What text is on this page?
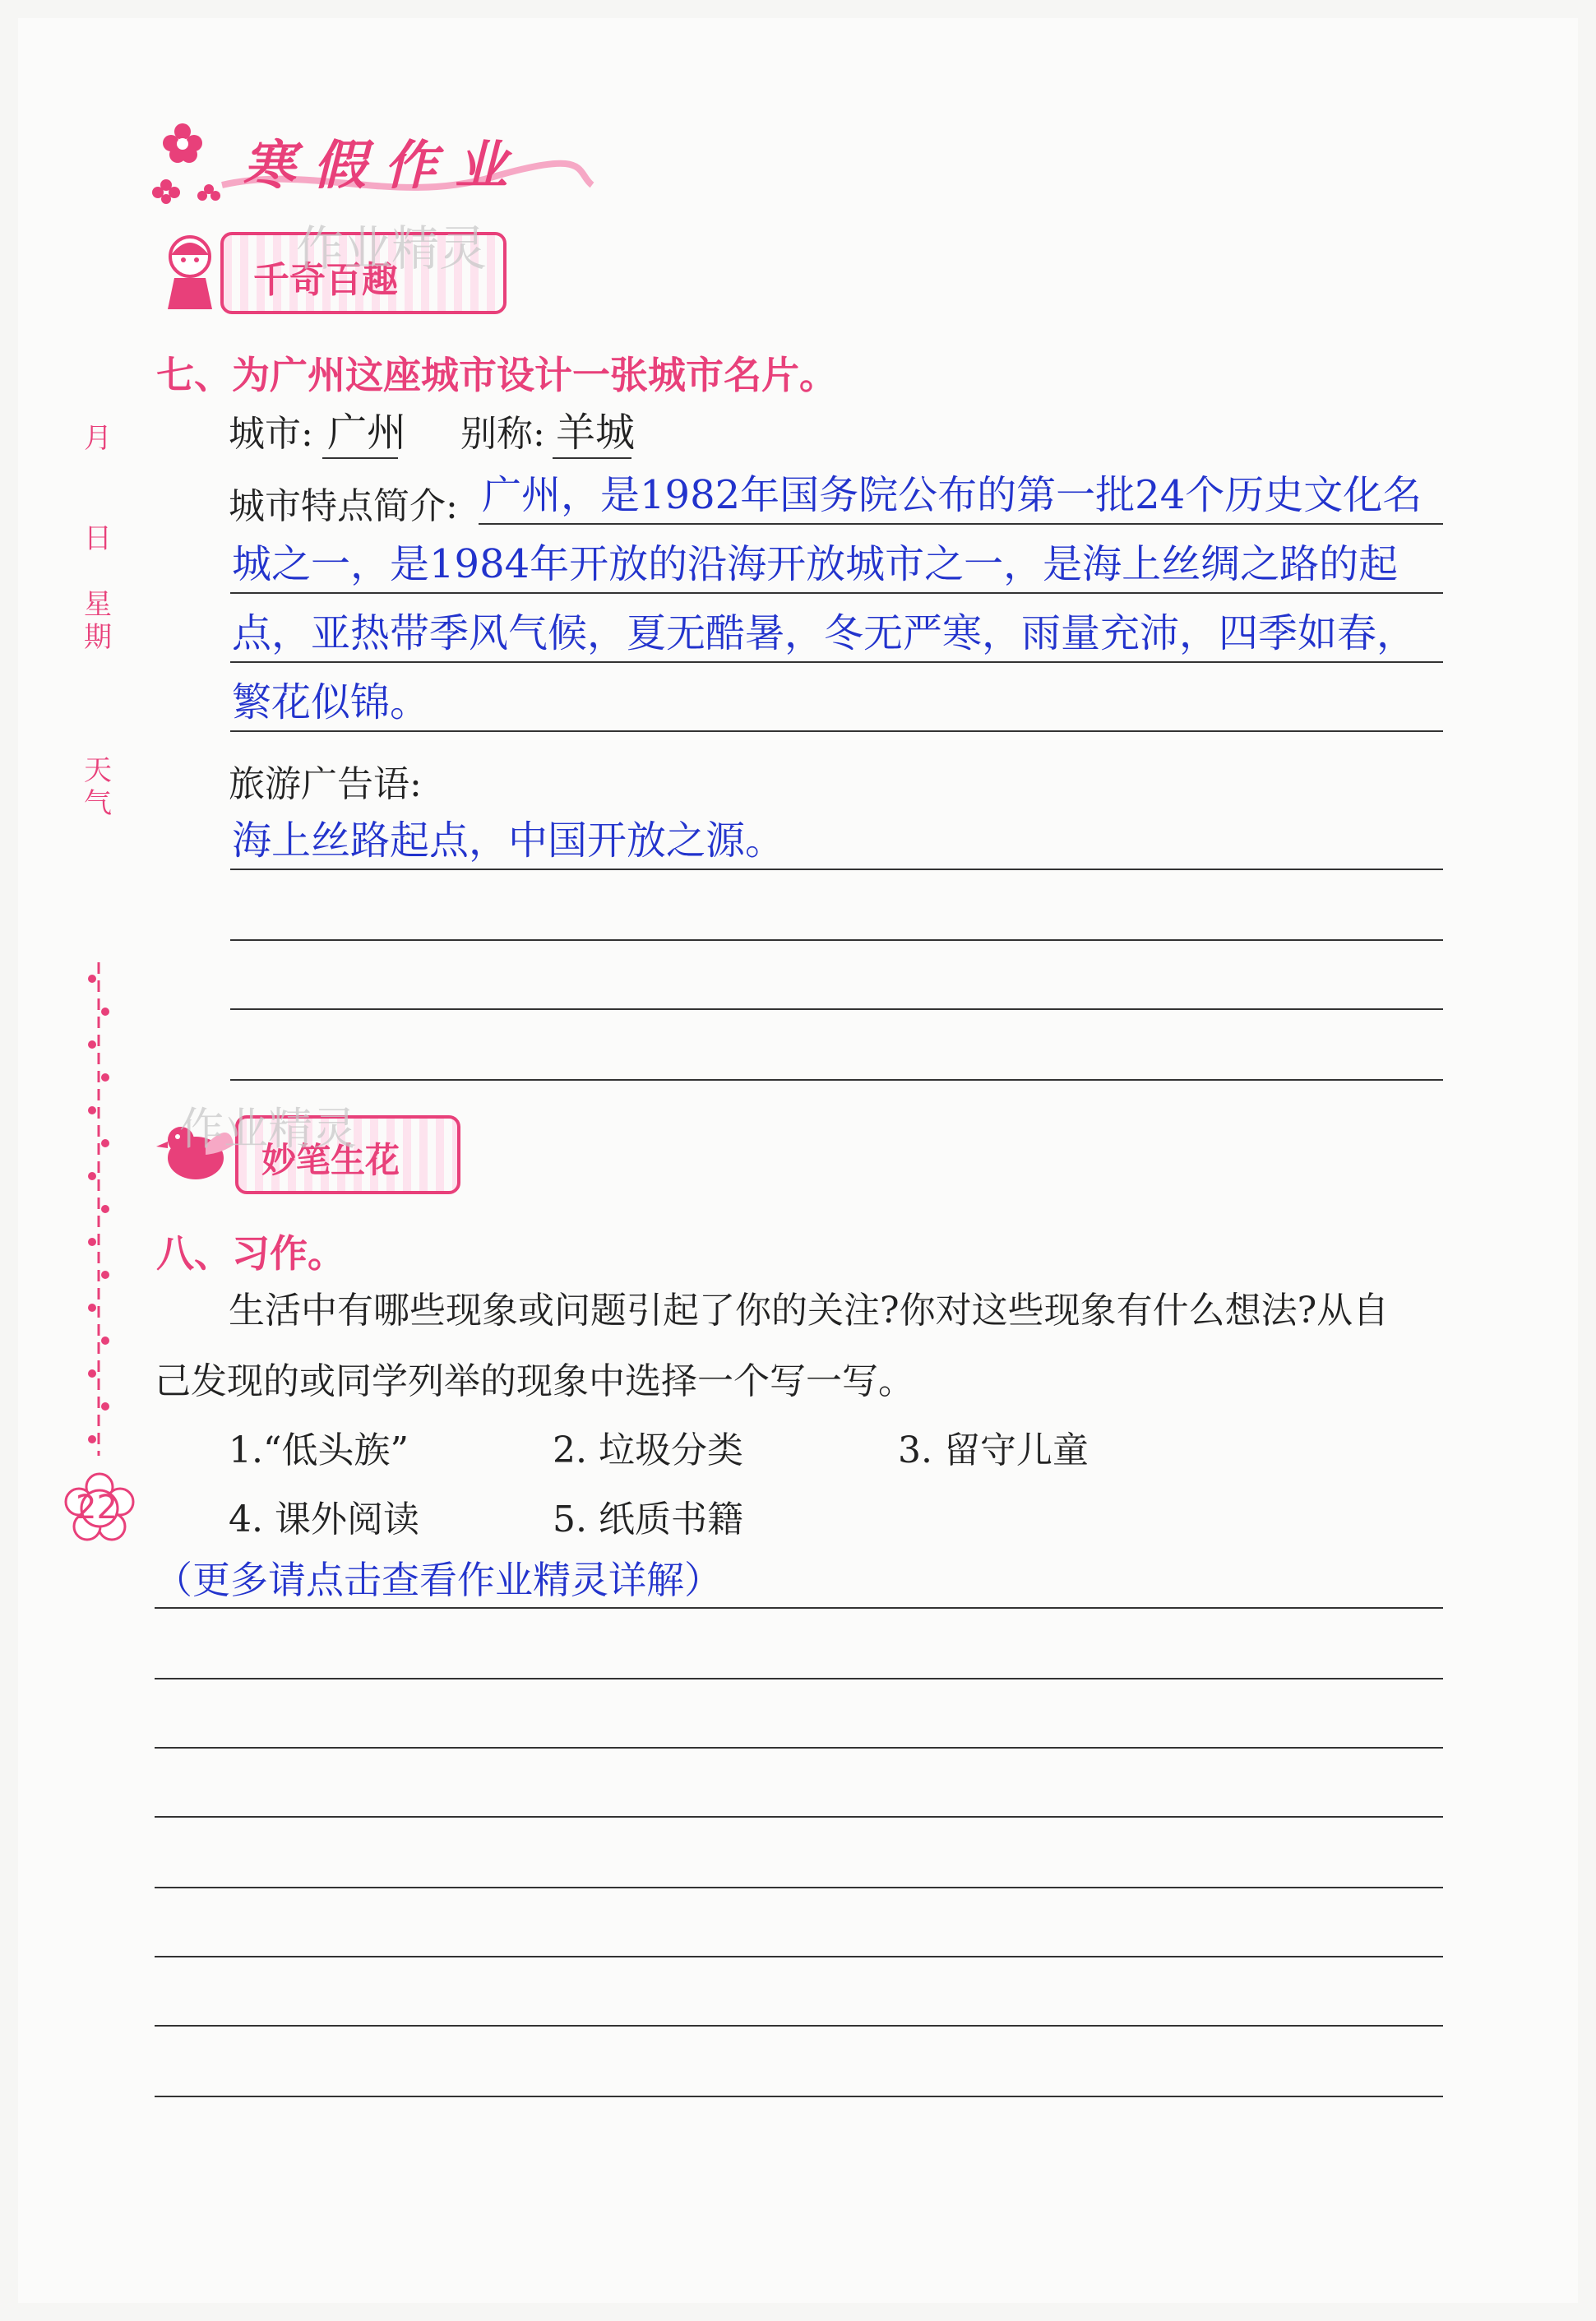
寒假作业
千奇百趣
作业精灵
月
日
星
期
天
气
22
七、为广州这座城市设计一张城市名片。
城市: 广州 别称: 羊城
城市特点简介: 广州，是1982年国务院公布的第一批24个历史文化名
城之一，是1984年开放的沿海开放城市之一，是海上丝绸之路的起
点，亚热带季风气候，夏无酷暑，冬无严寒，雨量充沛，四季如春，
繁花似锦。
旅游广告语:
海上丝路起点，中国开放之源。
妙笔生花
作业精灵
八、习作。
生活中有哪些现象或问题引起了你的关注?你对这些现象有什么想法?从自
己发现的或同学列举的现象中选择一个写一写。
1.“低头族”	2. 垃圾分类	3. 留守儿童
4. 课外阅读	5. 纸质书籍
（更多请点击查看作业精灵详解）
